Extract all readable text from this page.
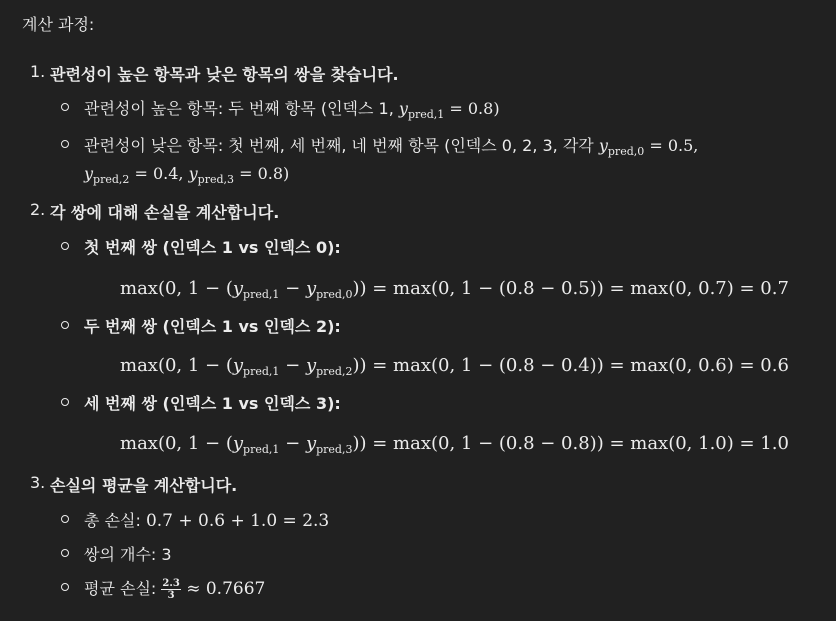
계산 과정:
1. 관련성이 높은 항목과 낮은 항목의 쌍을 찾습니다.
관련성이 높은 항목: 두 번째 항목 (인덱스 1, $y_{pred,1} = 0.8$)
관련성이 낮은 항목: 첫 번째, 세 번째, 네 번째 항목 (인덱스 0, 2, 3, 각각 $y_{pred,0} = 0.5$,
$y_{pred,2} = 0.4$, $y_{pred,3} = 0.8$)
2. 각 쌍에 대해 손실을 계산합니다.
첫 번째 쌍 (인덱스 1 vs 인덱스 0):
max(0, $1 - (y_{pred,1} - y_{pred,0})) = \max(0$, 1 − (0.8 − 0.5)) = max(0, 0.7) = 0.7
두 번째 쌍 (인덱스 1 vs 인덱스 2):
max(0, $1 - (y_{pred,1} - y_{pred,2})) = \max(0$, 1 − (0.8 − 0.4)) = max(0, 0.6) = 0.6
세 번째 쌍 (인덱스 1 vs 인덱스 3):
max(0, $1 - (y_{pred,1} - y_{pred,3})) = \max(0$, 1 − (0.8 − 0.8)) = max(0, 1.0) = 1.0
3. 손실의 평균을 계산합니다.
총 손실: 0.7 + 0.6 + 1.0 = 2.3
쌍의 개수: 3
평균 손실: $\frac{2.3}{3} \approx 0.7667$
